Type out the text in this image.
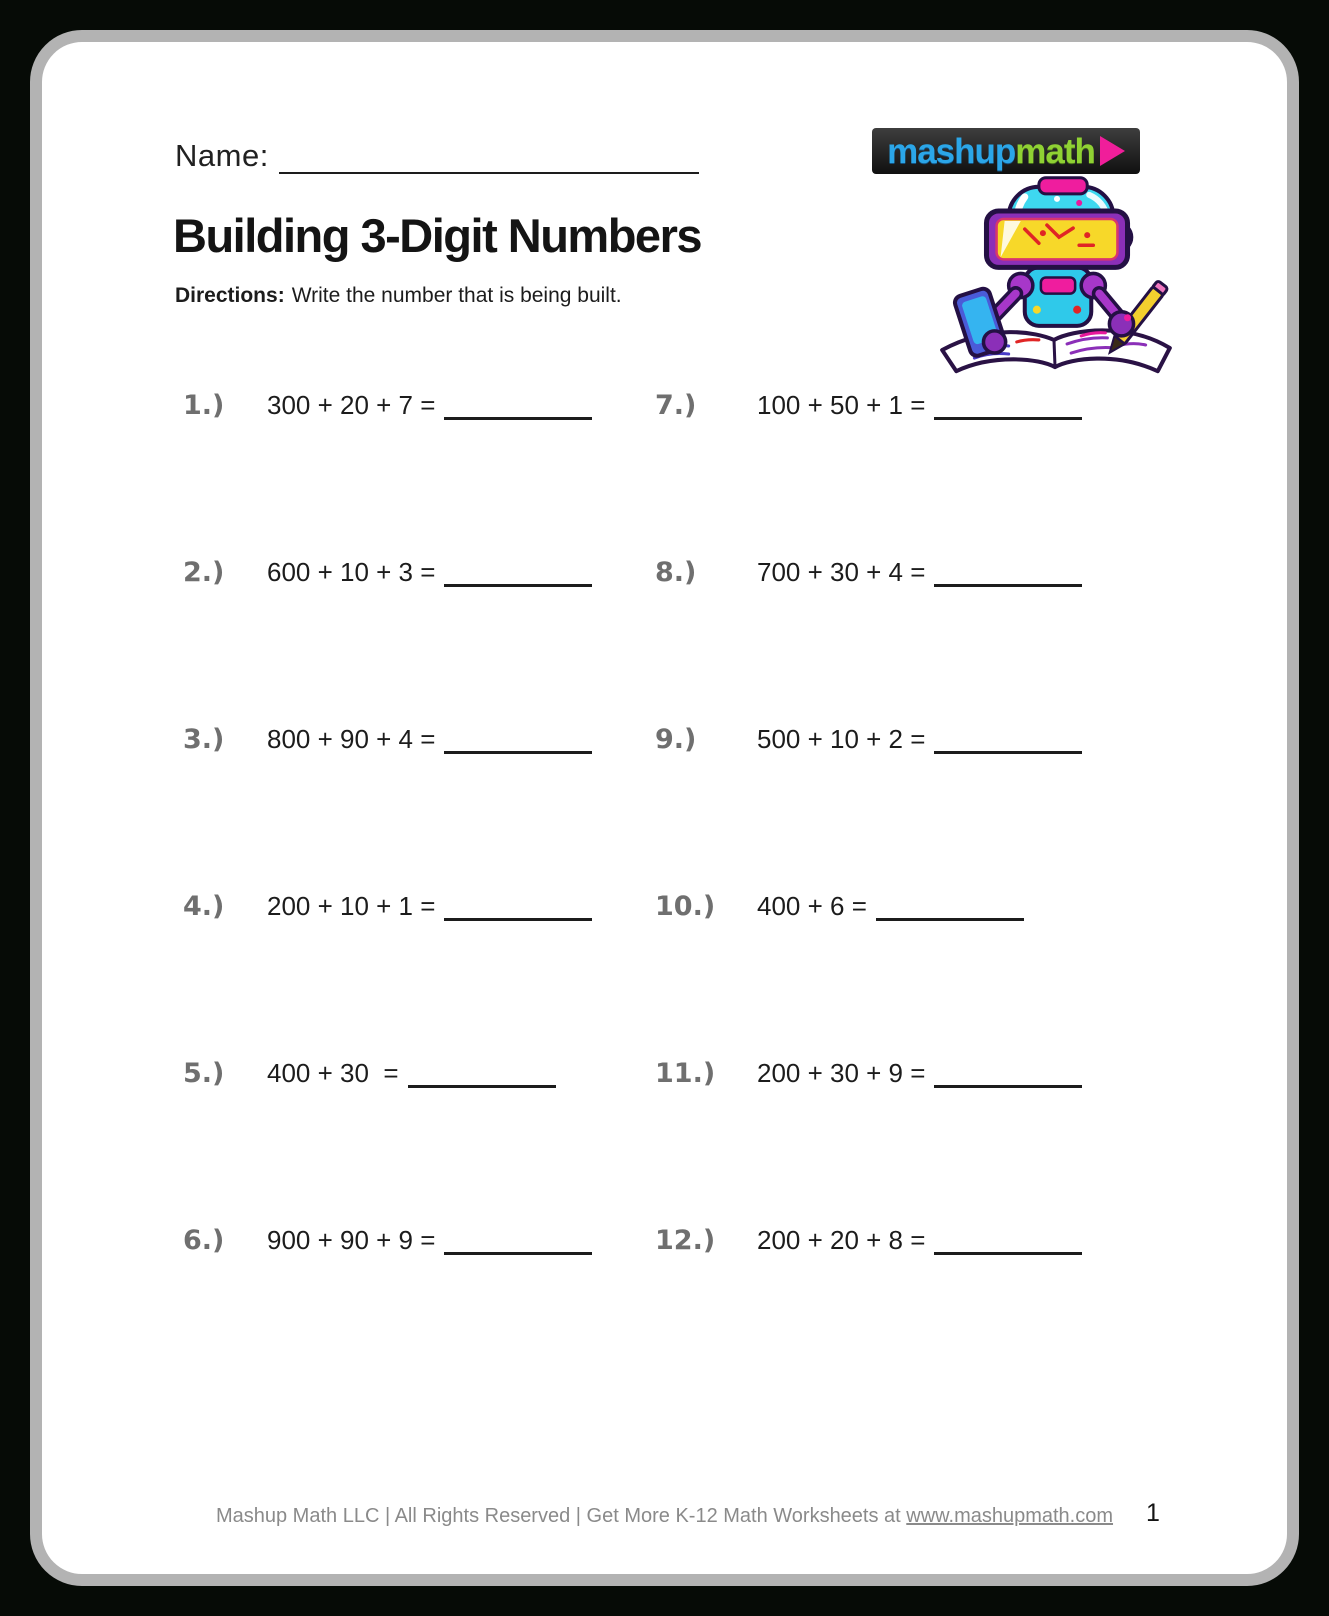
Name:	mashup math
Building 3-Digit Numbers

Directions: Write the number that is being built.

1.)	300 + 20 + 7 =
2.)	600 + 10 + 3 =
3.)	800 + 90 + 4 =
4.)	200 + 10 + 1 =
5.)	400 + 30  =
6.)	900 + 90 + 9 =
7.)	100 + 50 + 1 =
8.)	700 + 30 + 4 =
9.)	500 + 10 + 2 =
10.)	400 + 6 =
11.)	200 + 30 + 9 =
12.)	200 + 20 + 8 =
Mashup Math LLC | All Rights Reserved | Get More K-12 Math Worksheets at www.mashupmath.com	1
